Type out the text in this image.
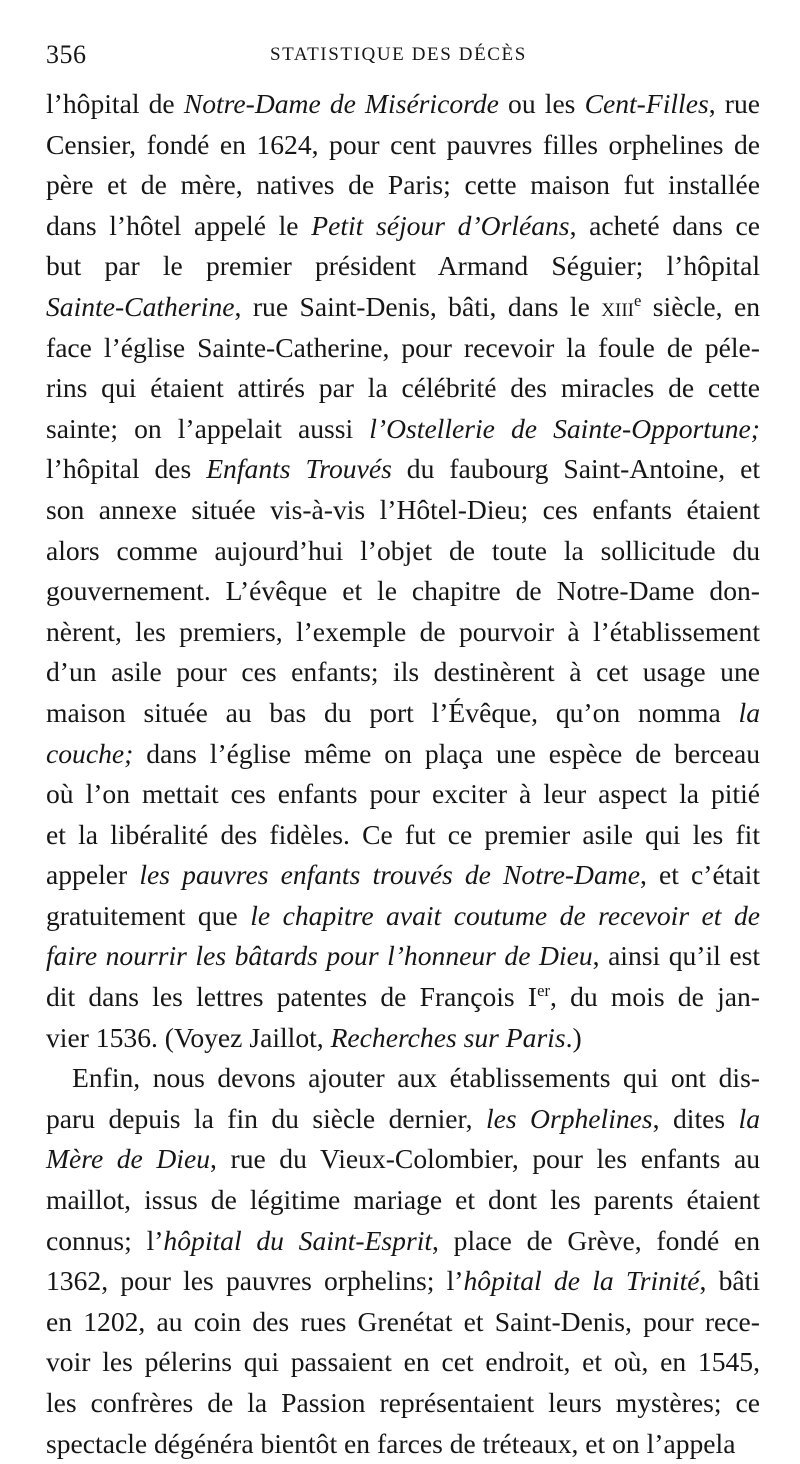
356	STATISTIQUE DES DÉCÈS
l’hôpital de Notre-Dame de Miséricorde ou les Cent-Filles, rue
Censier, fondé en 1624, pour cent pauvres filles orphelines de
père et de mère, natives de Paris; cette maison fut installée
dans l’hôtel appelé le Petit séjour d’Orléans, acheté dans ce
but par le premier président Armand Séguier; l’hôpital
Sainte-Catherine, rue Saint-Denis, bâti, dans le xiii$^e$ siècle, en
face l’église Sainte-Catherine, pour recevoir la foule de péle-
rins qui étaient attirés par la célébrité des miracles de cette
sainte; on l’appelait aussi l’Ostellerie de Sainte-Opportune;
l’hôpital des Enfants Trouvés du faubourg Saint-Antoine, et
son annexe située vis-à-vis l’Hôtel-Dieu; ces enfants étaient
alors comme aujourd’hui l’objet de toute la sollicitude du
gouvernement. L’évêque et le chapitre de Notre-Dame don-
nèrent, les premiers, l’exemple de pourvoir à l’établissement
d’un asile pour ces enfants; ils destinèrent à cet usage une
maison située au bas du port l’Évêque, qu’on nomma la
couche; dans l’église même on plaça une espèce de berceau
où l’on mettait ces enfants pour exciter à leur aspect la pitié
et la libéralité des fidèles. Ce fut ce premier asile qui les fit
appeler les pauvres enfants trouvés de Notre-Dame, et c’était
gratuitement que le chapitre avait coutume de recevoir et de
faire nourrir les bâtards pour l’honneur de Dieu, ainsi qu’il est
dit dans les lettres patentes de François Ier, du mois de jan-
vier 1536. (Voyez Jaillot, Recherches sur Paris.)
Enfin, nous devons ajouter aux établissements qui ont dis-
paru depuis la fin du siècle dernier, les Orphelines, dites la
Mère de Dieu, rue du Vieux-Colombier, pour les enfants au
maillot, issus de légitime mariage et dont les parents étaient
connus; l’hôpital du Saint-Esprit, place de Grève, fondé en
1362, pour les pauvres orphelins; l’hôpital de la Trinité, bâti
en 1202, au coin des rues Grenétat et Saint-Denis, pour rece-
voir les pélerins qui passaient en cet endroit, et où, en 1545,
les confrères de la Passion représentaient leurs mystères; ce
spectacle dégénéra bientôt en farces de tréteaux, et on l’appela
